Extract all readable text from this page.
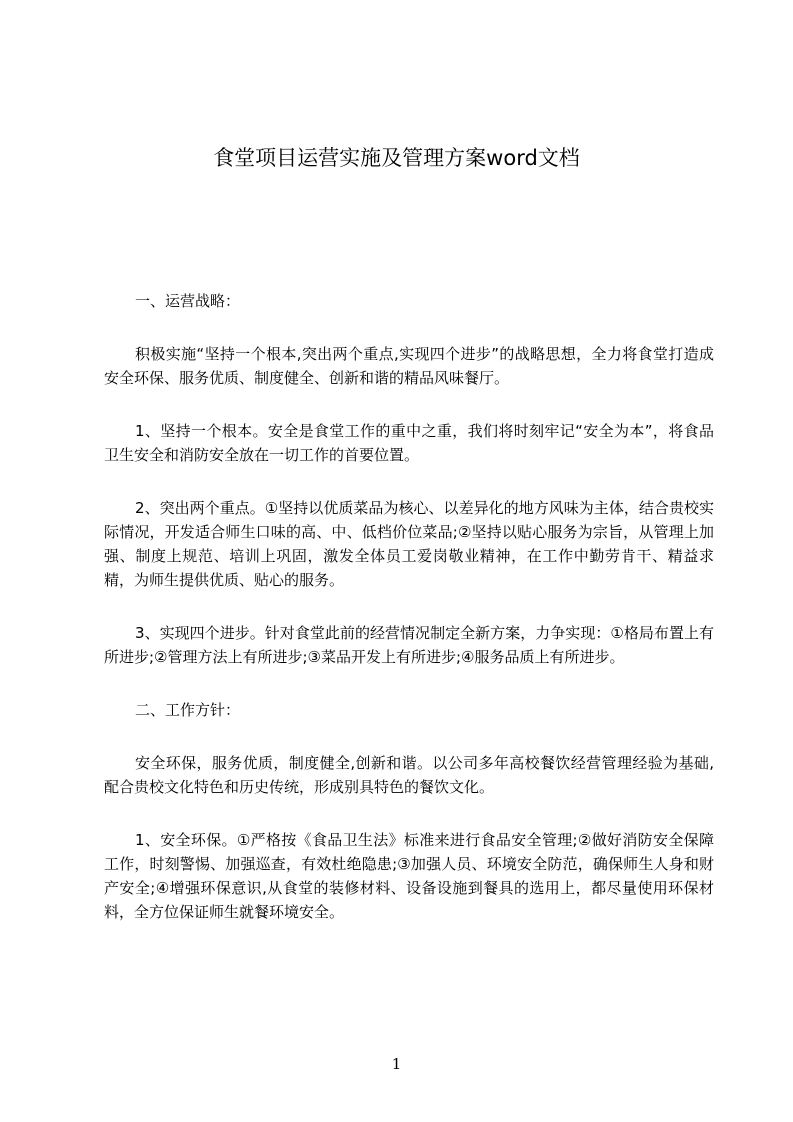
食堂项目运营实施及管理方案word文档

一、运营战略：

积极实施“坚持一个根本,突出两个重点,实现四个进步”的战略思想，全力将食堂打造成安全环保、服务优质、制度健全、创新和谐的精品风味餐厅。

1、坚持一个根本。安全是食堂工作的重中之重，我们将时刻牢记“安全为本”，将食品卫生安全和消防安全放在一切工作的首要位置。

2、突出两个重点。①坚持以优质菜品为核心、以差异化的地方风味为主体，结合贵校实际情况，开发适合师生口味的高、中、低档价位菜品;②坚持以贴心服务为宗旨，从管理上加强、制度上规范、培训上巩固，激发全体员工爱岗敬业精神，在工作中勤劳肯干、精益求精，为师生提供优质、贴心的服务。

3、实现四个进步。针对食堂此前的经营情况制定全新方案，力争实现：①格局布置上有所进步;②管理方法上有所进步;③菜品开发上有所进步;④服务品质上有所进步。

二、工作方针：

安全环保，服务优质，制度健全,创新和谐。以公司多年高校餐饮经营管理经验为基础,配合贵校文化特色和历史传统，形成别具特色的餐饮文化。

1、安全环保。①严格按《食品卫生法》标准来进行食品安全管理;②做好消防安全保障工作，时刻警惕、加强巡查，有效杜绝隐患;③加强人员、环境安全防范，确保师生人身和财产安全;④增强环保意识,从食堂的装修材料、设备设施到餐具的选用上，都尽量使用环保材料，全方位保证师生就餐环境安全。

1
